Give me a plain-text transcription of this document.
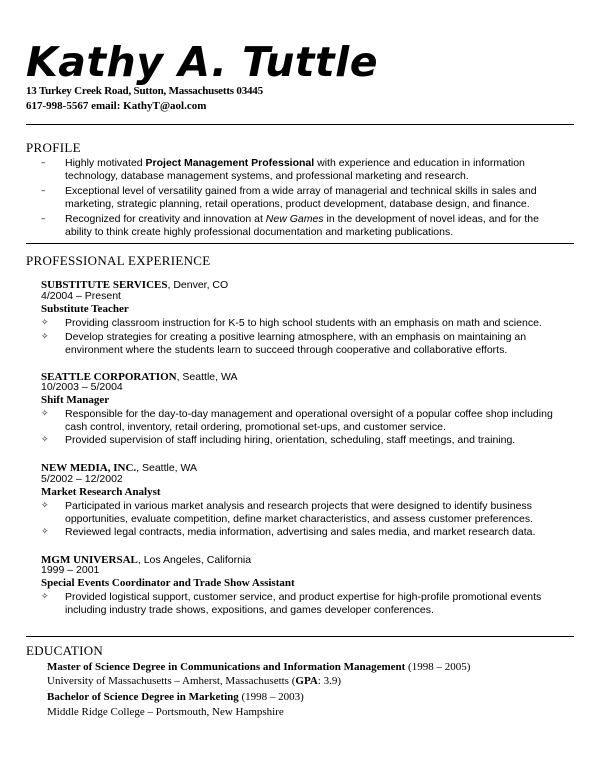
Kathy A. Tuttle
13 Turkey Creek Road, Sutton, Massachusetts 03445
617-998-5567 email: KathyT@aol.com
PROFILE
–	Highly motivated Project Management Professional with experience and education in information technology, database management systems, and professional marketing and research.
–	Exceptional level of versatility gained from a wide array of managerial and technical skills in sales and marketing, strategic planning, retail operations, product development, database design, and finance.
–	Recognized for creativity and innovation at New Games in the development of novel ideas, and for the ability to think create highly professional documentation and marketing publications.
PROFESSIONAL EXPERIENCE
SUBSTITUTE SERVICES, Denver, CO
4/2004 – Present
Substitute Teacher
✧	Providing classroom instruction for K-5 to high school students with an emphasis on math and science.
✧	Develop strategies for creating a positive learning atmosphere, with an emphasis on maintaining an environment where the students learn to succeed through cooperative and collaborative efforts.
SEATTLE CORPORATION, Seattle, WA
10/2003 – 5/2004
Shift Manager
✧	Responsible for the day-to-day management and operational oversight of a popular coffee shop including cash control, inventory, retail ordering, promotional set-ups, and customer service.
✧	Provided supervision of staff including hiring, orientation, scheduling, staff meetings, and training.
NEW MEDIA, INC., Seattle, WA
5/2002 – 12/2002
Market Research Analyst
✧	Participated in various market analysis and research projects that were designed to identify business opportunities, evaluate competition, define market characteristics, and assess customer preferences.
✧	Reviewed legal contracts, media information, advertising and sales media, and market research data.
MGM UNIVERSAL, Los Angeles, California
1999 – 2001
Special Events Coordinator and Trade Show Assistant
✧	Provided logistical support, customer service, and product expertise for high-profile promotional events including industry trade shows, expositions, and games developer conferences.
EDUCATION
Master of Science Degree in Communications and Information Management (1998 – 2005)
University of Massachusetts – Amherst, Massachusetts (GPA: 3.9)
Bachelor of Science Degree in Marketing (1998 – 2003)
Middle Ridge College – Portsmouth, New Hampshire
